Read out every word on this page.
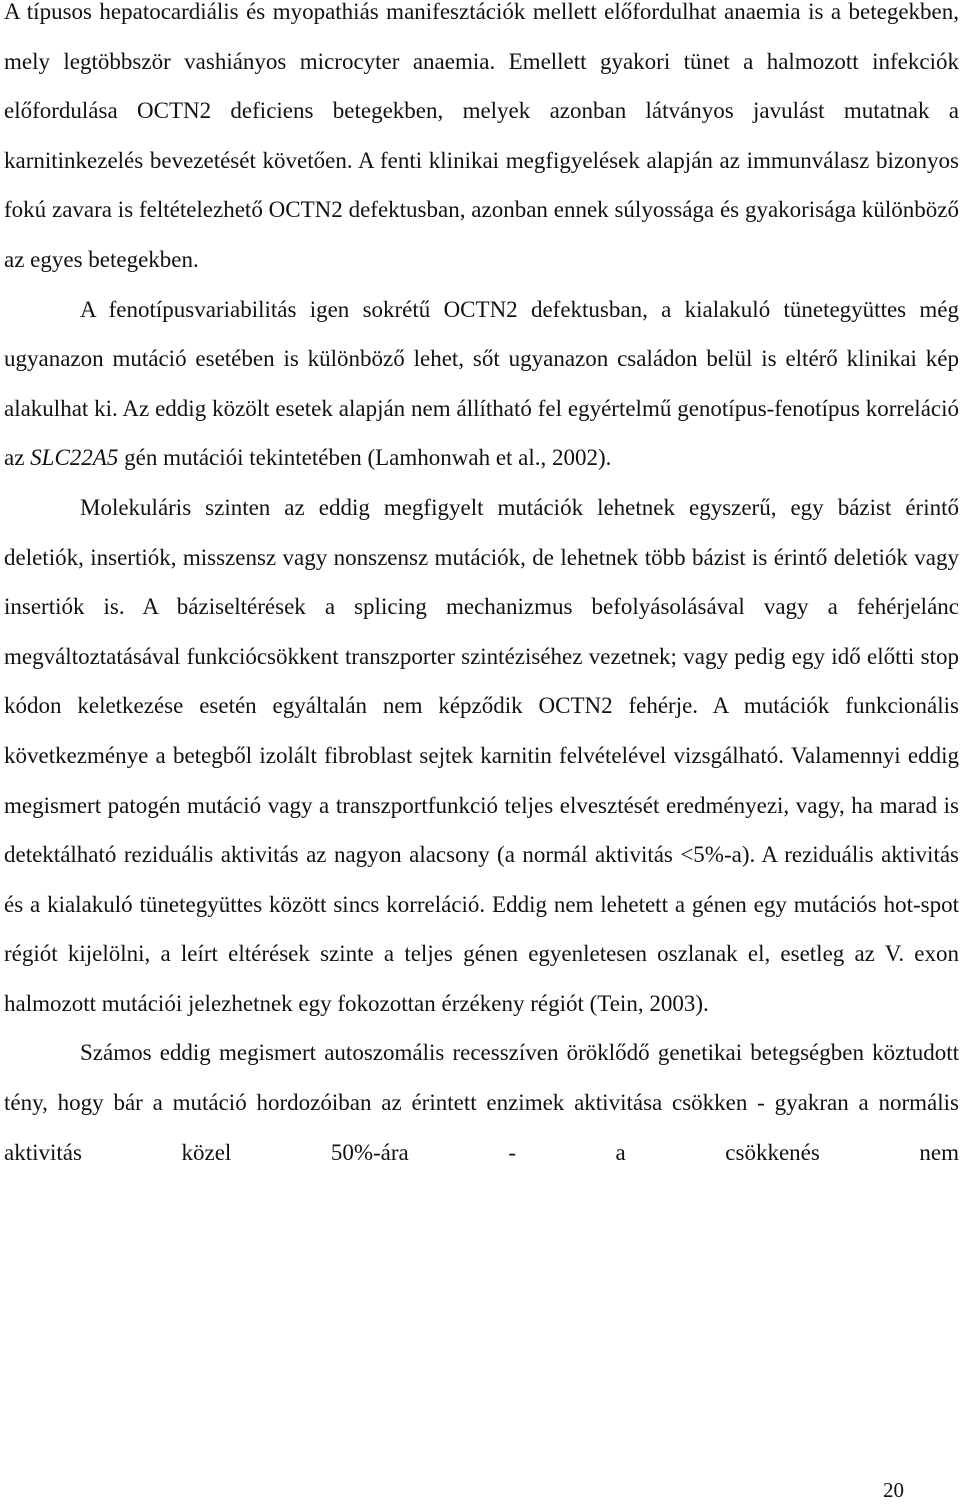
A típusos hepatocardiális és myopathiás manifesztációk mellett előfordulhat anaemia is a betegekben, mely legtöbbször vashiányos microcyter anaemia. Emellett gyakori tünet a halmozott infekciók előfordulása OCTN2 deficiens betegekben, melyek azonban látványos javulást mutatnak a karnitinkezelés bevezetését követően. A fenti klinikai megfigyelések alapján az immunválasz bizonyos fokú zavara is feltételezhető OCTN2 defektusban, azonban ennek súlyossága és gyakorisága különböző az egyes betegekben.

A fenotípusvariabilitás igen sokrétű OCTN2 defektusban, a kialakuló tünetegyüttes még ugyanazon mutáció esetében is különböző lehet, sőt ugyanazon családon belül is eltérő klinikai kép alakulhat ki. Az eddig közölt esetek alapján nem állítható fel egyértelmű genotípus-fenotípus korreláció az SLC22A5 gén mutációi tekintetében (Lamhonwah et al., 2002).

Molekuláris szinten az eddig megfigyelt mutációk lehetnek egyszerű, egy bázist érintő deletiók, insertiók, misszensz vagy nonszensz mutációk, de lehetnek több bázist is érintő deletiók vagy insertiók is. A báziseltérések a splicing mechanizmus befolyásolásával vagy a fehérjelánc megváltoztatásával funkciócsökkent transzporter szintéziséhez vezetnek; vagy pedig egy idő előtti stop kódon keletkezése esetén egyáltalán nem képződik OCTN2 fehérje. A mutációk funkcionális következménye a betegből izolált fibroblast sejtek karnitin felvételével vizsgálható. Valamennyi eddig megismert patogén mutáció vagy a transzportfunkció teljes elvesztését eredményezi, vagy, ha marad is detektálható reziduális aktivitás az nagyon alacsony (a normál aktivitás <5%-a). A reziduális aktivitás és a kialakuló tünetegyüttes között sincs korreláció. Eddig nem lehetett a génen egy mutációs hot-spot régiót kijelölni, a leírt eltérések szinte a teljes génen egyenletesen oszlanak el, esetleg az V. exon halmozott mutációi jelezhetnek egy fokozottan érzékeny régiót (Tein, 2003).

Számos eddig megismert autoszomális recesszíven öröklődő genetikai betegségben köztudott tény, hogy bár a mutáció hordozóiban az érintett enzimek aktivitása csökken - gyakran a normális aktivitás közel 50%-ára - a csökkenés nem

20
